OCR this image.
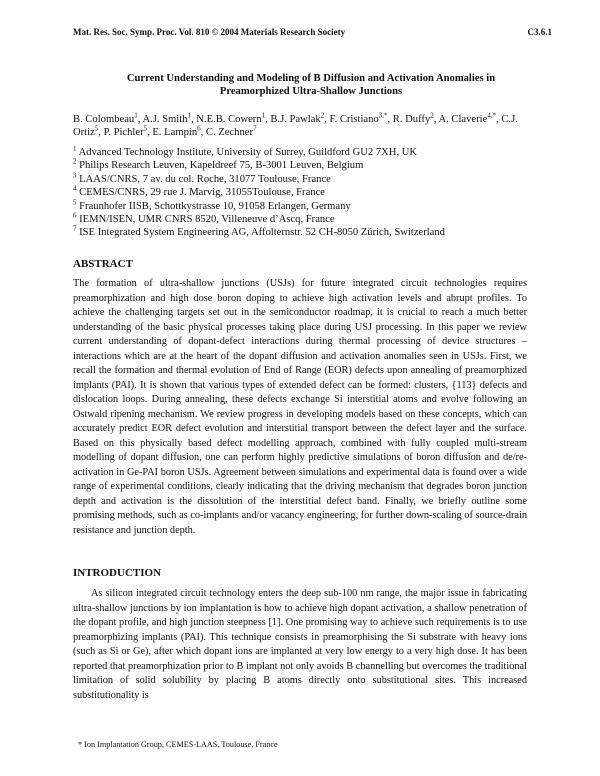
Mat. Res. Soc. Symp. Proc. Vol. 810 © 2004 Materials Research Society	C3.6.1
Current Understanding and Modeling of B Diffusion and Activation Anomalies in
Preamorphized Ultra-Shallow Junctions
B. Colombeau$^1$, A.J. Smith$^1$, N.E.B. Cowern$^1$, B.J. Pawlak$^2$, F. Cristiano$^{3,*}$, R. Duffy$^2$, A. Claverie$^{4,*}$, C.J. Ortiz$^5$, P. Pichler$^5$, E. Lampin$^6$, C. Zechner$^7$
$^1$ Advanced Technology Institute, University of Surrey, Guildford GU2 7XH, UK
$^2$ Philips Research Leuven, Kapeldreef 75, B-3001 Leuven, Belgium
$^3$ LAAS/CNRS, 7 av. du col. Roche, 31077 Toulouse, France
$^4$ CEMES/CNRS, 29 rue J. Marvig, 31055Toulouse, France
$^5$ Fraunhofer IISB, Schottkystrasse 10, 91058 Erlangen, Germany
$^6$ IEMN/ISEN, UMR CNRS 8520, Villeneuve d’Ascq, France
$^7$ ISE Integrated System Engineering AG, Affolternstr. 52 CH-8050 Zürich, Switzerland
ABSTRACT
The formation of ultra-shallow junctions (USJs) for future integrated circuit technologies requires preamorphization and high dose boron doping to achieve high activation levels and abrupt profiles. To achieve the challenging targets set out in the semiconductor roadmap, it is crucial to reach a much better understanding of the basic physical processes taking place during USJ processing. In this paper we review current understanding of dopant-defect interactions during thermal processing of device structures – interactions which are at the heart of the dopant diffusion and activation anomalies seen in USJs. First, we recall the formation and thermal evolution of End of Range (EOR) defects upon annealing of preamorphized implants (PAI). It is shown that various types of extended defect can be formed: clusters, {113} defects and dislocation loops. During annealing, these defects exchange Si interstitial atoms and evolve following an Ostwald ripening mechanism. We review progress in developing models based on these concepts, which can accurately predict EOR defect evolution and interstitial transport between the defect layer and the surface. Based on this physically based defect modelling approach, combined with fully coupled multi-stream modelling of dopant diffusion, one can perform highly predictive simulations of boron diffusion and de/re-activation in Ge-PAI boron USJs. Agreement between simulations and experimental data is found over a wide range of experimental conditions, clearly indicating that the driving mechanism that degrades boron junction depth and activation is the dissolution of the interstitial defect band. Finally, we briefly outline some promising methods, such as co-implants and/or vacancy engineering, for further down-scaling of source-drain resistance and junction depth.
INTRODUCTION
As silicon integrated circuit technology enters the deep sub-100 nm range, the major issue in fabricating ultra-shallow junctions by ion implantation is how to achieve high dopant activation, a shallow penetration of the dopant profile, and high junction steepness [1]. One promising way to achieve such requirements is to use preamorphizing implants (PAI). This technique consists in preamorphising the Si substrate with heavy ions (such as Si or Ge), after which dopant ions are implanted at very low energy to a very high dose. It has been reported that preamorphization prior to B implant not only avoids B channelling but overcomes the traditional limitation of solid solubility by placing B atoms directly onto substitutional sites. This increased substitutionality is
* Ion Implantation Group, CEMES-LAAS, Toulouse, France
